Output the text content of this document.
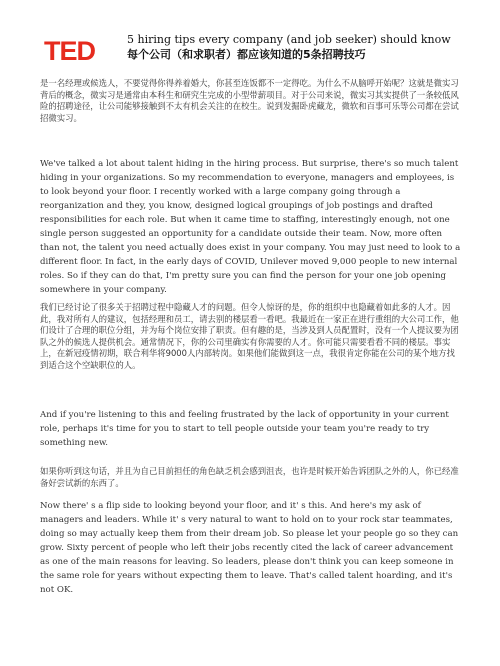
TED	5 hiring tips every company (and job seeker) should know
每个公司（和求职者）都应该知道的5条招聘技巧

是一名经理或候选人，不要觉得你得养着婚大，你甚至连饭都不一定得吃。为什么不从脑呼开始呢？这就是微实习背后的概念，微实习是通常由本科生和研究生完成的小型带薪项目。对于公司来说，微实习其实提供了一条较低风险的招聘途径，让公司能够接触到不太有机会关注的在校生。说到发掘卧虎藏龙，微软和百事可乐等公司都在尝试招微实习。

We've talked a lot about talent hiding in the hiring process. But surprise, there's so much talent hiding in your organizations. So my recommendation to everyone, managers and employees, is to look beyond your floor. I recently worked with a large company going through a reorganization and they, you know, designed logical groupings of job postings and drafted responsibilities for each role. But when it came time to staffing, interestingly enough, not one single person suggested an opportunity for a candidate outside their team. Now, more often than not, the talent you need actually does exist in your company. You may just need to look to a different floor. In fact, in the early days of COVID, Unilever moved 9,000 people to new internal roles. So if they can do that, I'm pretty sure you can find the person for your one job opening somewhere in your company.

我们已经讨论了很多关于招聘过程中隐藏人才的问题。但令人惊讶的是，你的组织中也隐藏着如此多的人才。因此，我对所有人的建议，包括经理和员工，请去别的楼层看一看吧。我最近在一家正在进行重组的大公司工作，他们设计了合理的职位分组，并为每个岗位安排了职责。但有趣的是，当涉及到人员配置时，没有一个人提议要为团队之外的候选人提供机会。通常情况下，你的公司里确实有你需要的人才。你可能只需要看看不同的楼层。事实上，在新冠疫情初期，联合利华将9000人内部转岗。如果他们能做到这一点，我很肯定你能在公司的某个地方找到适合这个空缺职位的人。

And if you're listening to this and feeling frustrated by the lack of opportunity in your current role, perhaps it's time for you to start to tell people outside your team you're ready to try something new.

如果你听到这句话，并且为自己目前担任的角色缺乏机会感到沮丧，也许是时候开始告诉团队之外的人，你已经准备好尝试新的东西了。

Now there' s a flip side to looking beyond your floor, and it' s this. And here's my ask of managers and leaders. While it' s very natural to want to hold on to your rock star teammates, doing so may actually keep them from their dream job. So please let your people go so they can grow. Sixty percent of people who left their jobs recently cited the lack of career advancement as one of the main reasons for leaving. So leaders, please don't think you can keep someone in the same role for years without expecting them to leave. That's called talent hoarding, and it's not OK.
